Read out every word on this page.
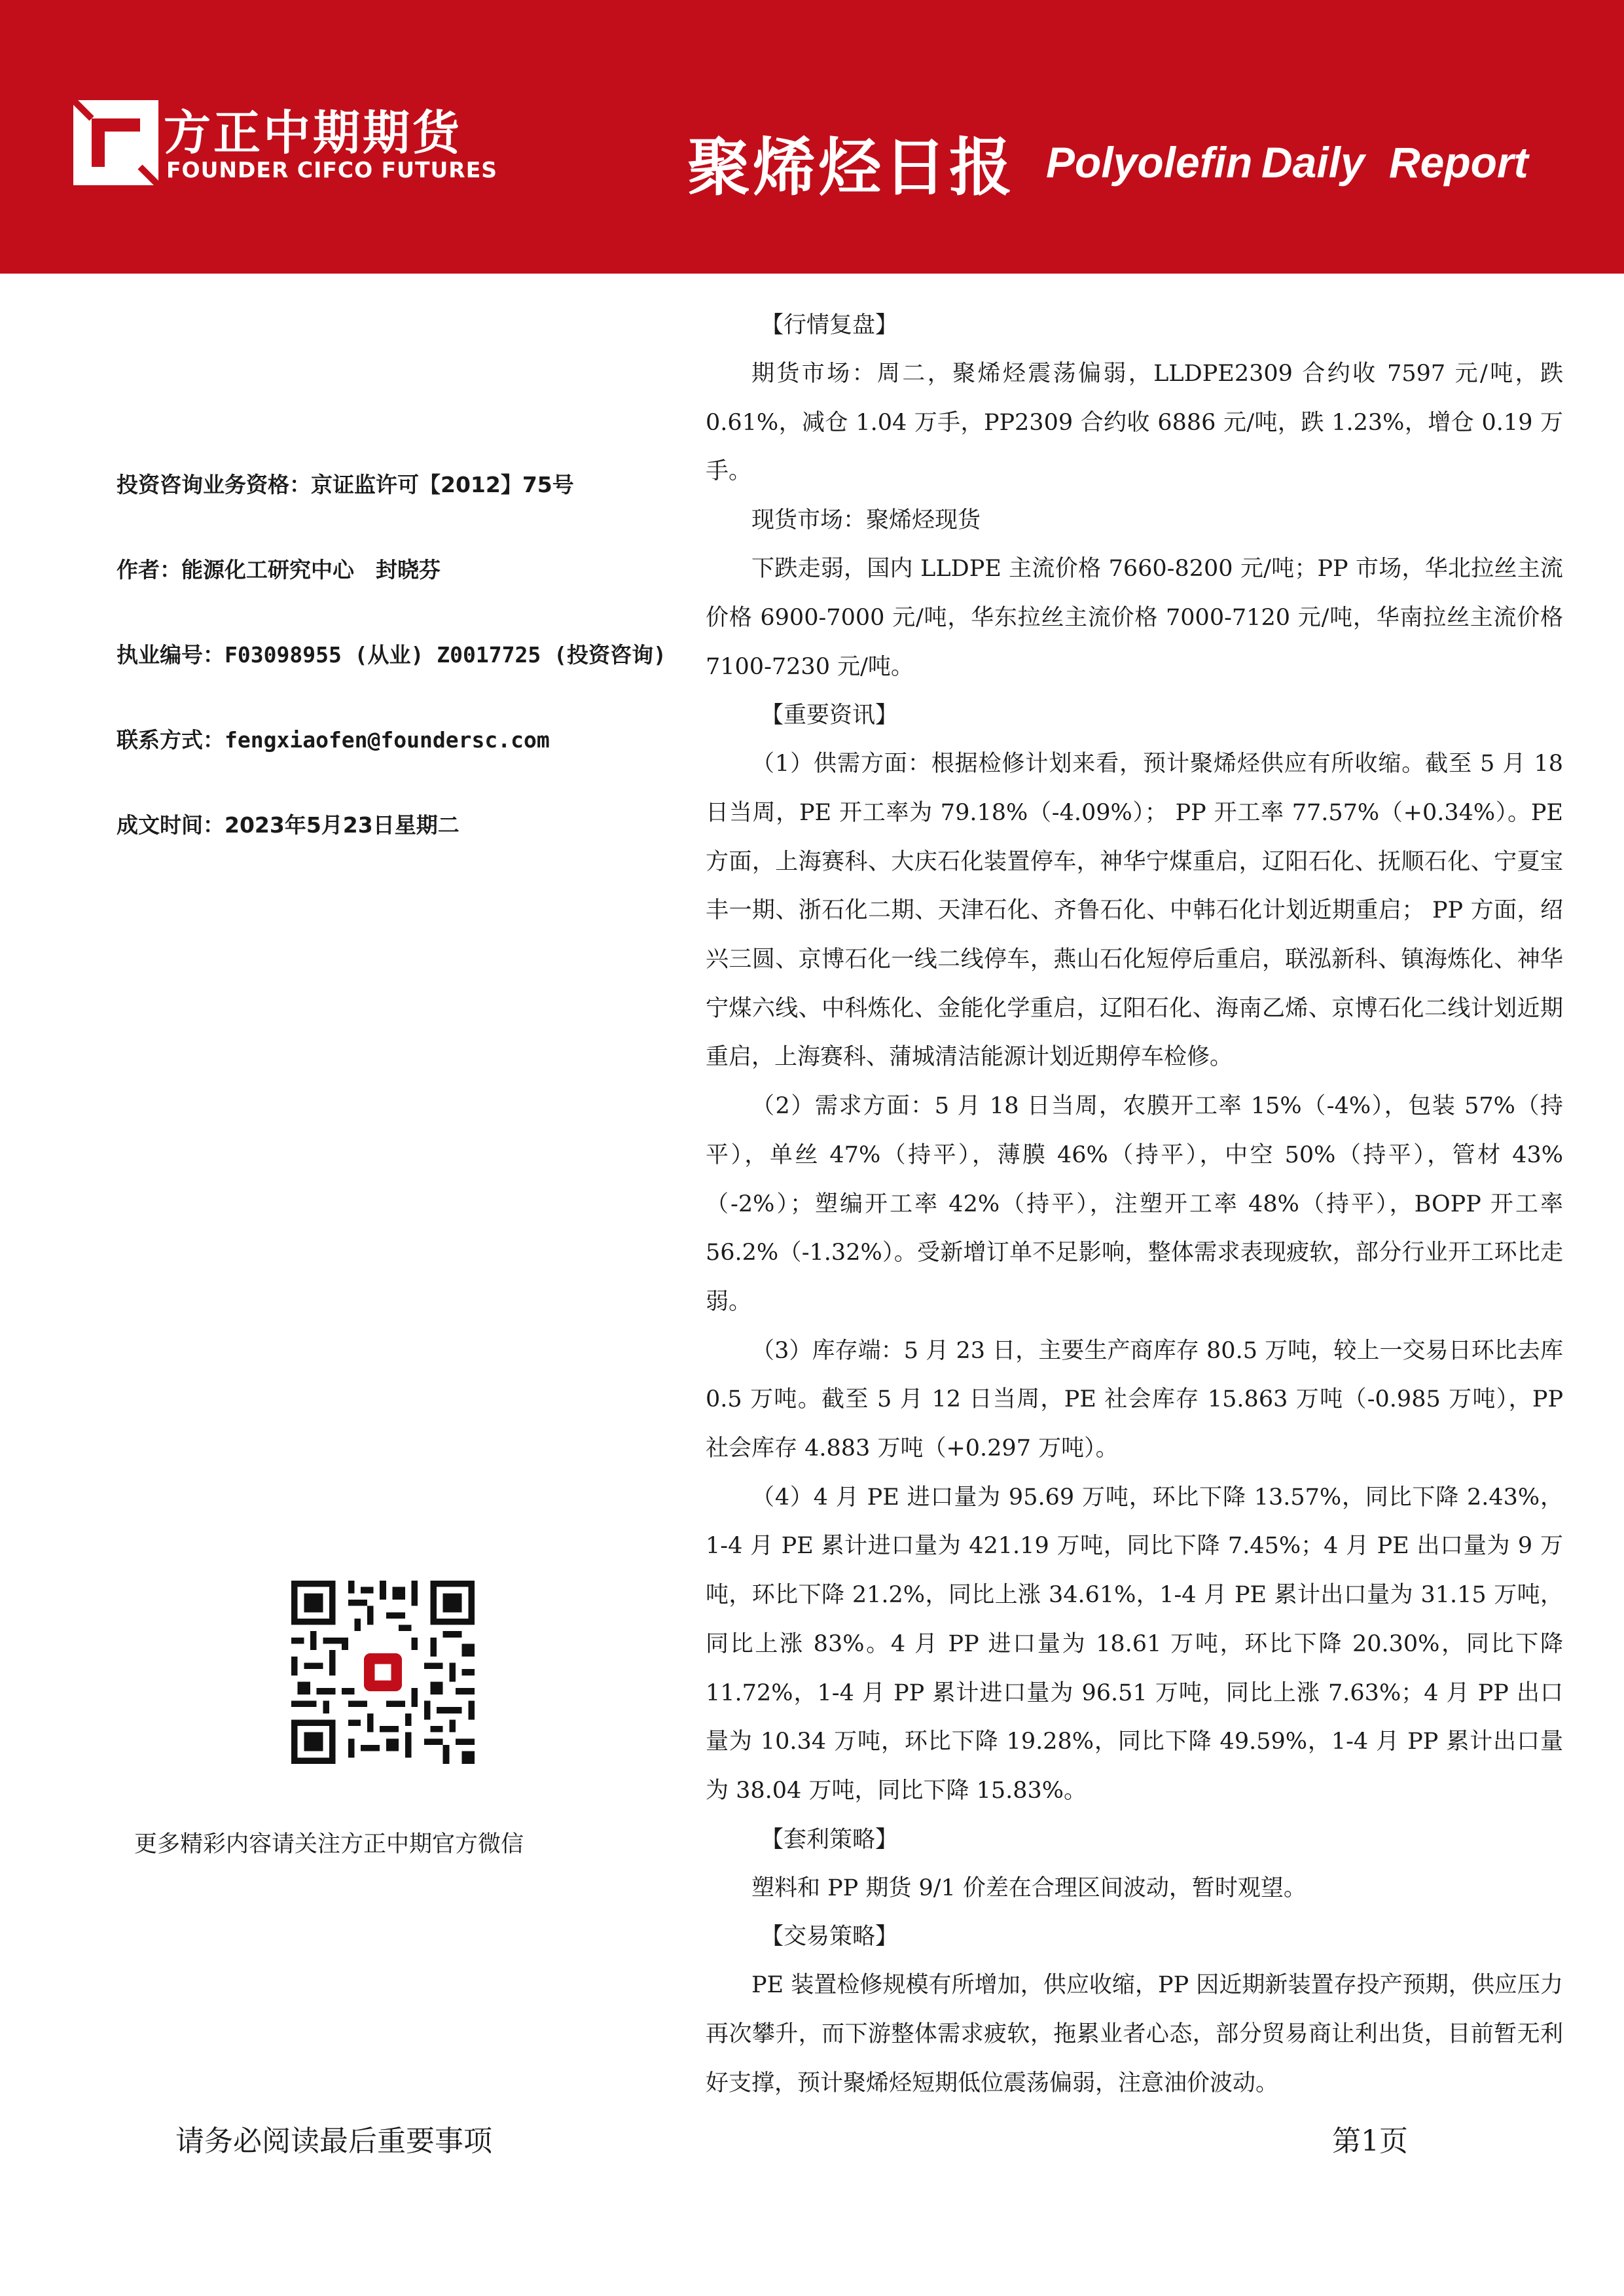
方正中期期货
FOUNDER CIFCO FUTURES	聚烯烃日报 Polyolefin Daily Report
投资咨询业务资格：京证监许可【2012】75号
作者：能源化工研究中心　封晓芬
执业编号：F03098955 (从业) Z0017725 (投资咨询)
联系方式：fengxiaofen@foundersc.com
成文时间：2023年5月23日星期二
更多精彩内容请关注方正中期官方微信
【行情复盘】

期货市场：周二，聚烯烃震荡偏弱，LLDPE2309 合约收 7597 元/吨，跌 0.61%，减仓 1.04 万手，PP2309 合约收 6886 元/吨，跌 1.23%，增仓 0.19 万手。

现货市场：聚烯烃现货

下跌走弱，国内 LLDPE 主流价格 7660-8200 元/吨；PP 市场，华北拉丝主流价格 6900-7000 元/吨，华东拉丝主流价格 7000-7120 元/吨，华南拉丝主流价格 7100-7230 元/吨。

【重要资讯】

（1）供需方面：根据检修计划来看，预计聚烯烃供应有所收缩。截至 5 月 18 日当周，PE 开工率为 79.18%（-4.09%）； PP 开工率 77.57%（+0.34%）。PE 方面，上海赛科、大庆石化装置停车，神华宁煤重启，辽阳石化、抚顺石化、宁夏宝丰一期、浙石化二期、天津石化、齐鲁石化、中韩石化计划近期重启； PP 方面，绍兴三圆、京博石化一线二线停车，燕山石化短停后重启，联泓新科、镇海炼化、神华宁煤六线、中科炼化、金能化学重启，辽阳石化、海南乙烯、京博石化二线计划近期重启，上海赛科、蒲城清洁能源计划近期停车检修。

（2）需求方面：5 月 18 日当周，农膜开工率 15%（-4%），包装 57%（持平），单丝 47%（持平），薄膜 46%（持平），中空 50%（持平），管材 43%（-2%）；塑编开工率 42%（持平），注塑开工率 48%（持平），BOPP 开工率 56.2%（-1.32%）。受新增订单不足影响，整体需求表现疲软，部分行业开工环比走弱。

（3）库存端：5 月 23 日，主要生产商库存 80.5 万吨，较上一交易日环比去库 0.5 万吨。截至 5 月 12 日当周，PE 社会库存 15.863 万吨（-0.985 万吨），PP 社会库存 4.883 万吨（+0.297 万吨）。

（4）4 月 PE 进口量为 95.69 万吨，环比下降 13.57%，同比下降 2.43%，1-4 月 PE 累计进口量为 421.19 万吨，同比下降 7.45%；4 月 PE 出口量为 9 万吨，环比下降 21.2%，同比上涨 34.61%，1-4 月 PE 累计出口量为 31.15 万吨，同比上涨 83%。4 月 PP 进口量为 18.61 万吨，环比下降 20.30%，同比下降 11.72%，1-4 月 PP 累计进口量为 96.51 万吨，同比上涨 7.63%；4 月 PP 出口量为 10.34 万吨，环比下降 19.28%，同比下降 49.59%，1-4 月 PP 累计出口量为 38.04 万吨，同比下降 15.83%。

【套利策略】

塑料和 PP 期货 9/1 价差在合理区间波动，暂时观望。

【交易策略】

PE 装置检修规模有所增加，供应收缩，PP 因近期新装置存投产预期，供应压力再次攀升，而下游整体需求疲软，拖累业者心态，部分贸易商让利出货，目前暂无利好支撑，预计聚烯烃短期低位震荡偏弱，注意油价波动。

请务必阅读最后重要事项	第1页
